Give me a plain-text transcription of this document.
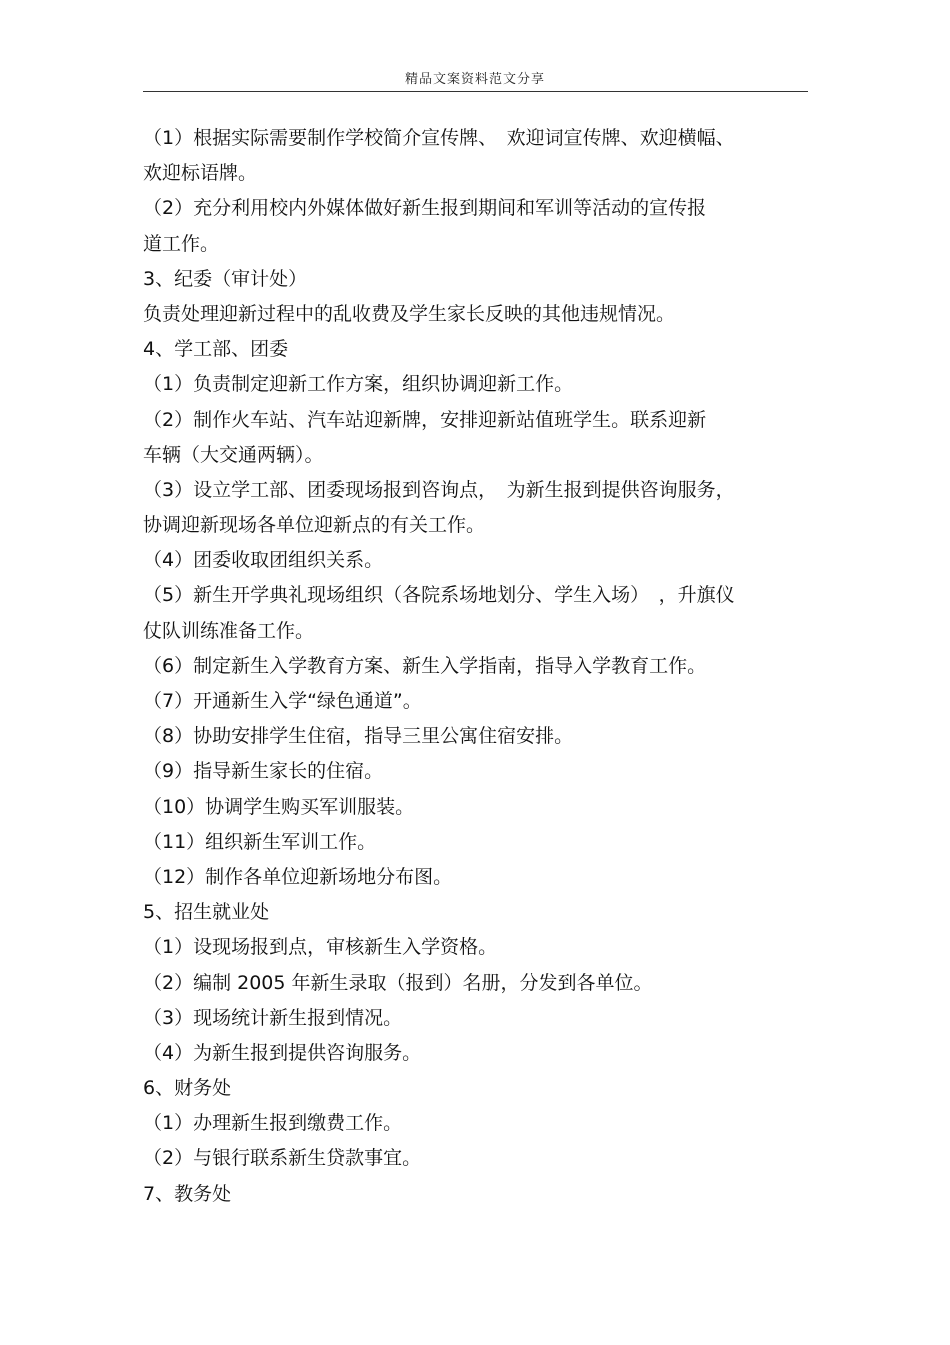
精品文案资料范文分享
（1）根据实际需要制作学校简介宣传牌、　欢迎词宣传牌、欢迎横幅、
欢迎标语牌。
（2）充分利用校内外媒体做好新生报到期间和军训等活动的宣传报
道工作。
3、纪委（审计处）
负责处理迎新过程中的乱收费及学生家长反映的其他违规情况。
4、学工部、团委
（1）负责制定迎新工作方案，组织协调迎新工作。
（2）制作火车站、汽车站迎新牌，安排迎新站值班学生。联系迎新
车辆（大交通两辆）。
（3）设立学工部、团委现场报到咨询点，　为新生报到提供咨询服务，
协调迎新现场各单位迎新点的有关工作。
（4）团委收取团组织关系。
（5）新生开学典礼现场组织（各院系场地划分、学生入场）　，升旗仪
仗队训练准备工作。
（6）制定新生入学教育方案、新生入学指南，指导入学教育工作。
（7）开通新生入学“绿色通道”。
（8）协助安排学生住宿，指导三里公寓住宿安排。
（9）指导新生家长的住宿。
（10）协调学生购买军训服装。
（11）组织新生军训工作。
（12）制作各单位迎新场地分布图。
5、招生就业处
（1）设现场报到点，审核新生入学资格。
（2）编制 2005 年新生录取（报到）名册，分发到各单位。
（3）现场统计新生报到情况。
（4）为新生报到提供咨询服务。
6、财务处
（1）办理新生报到缴费工作。
（2）与银行联系新生贷款事宜。
7、教务处
